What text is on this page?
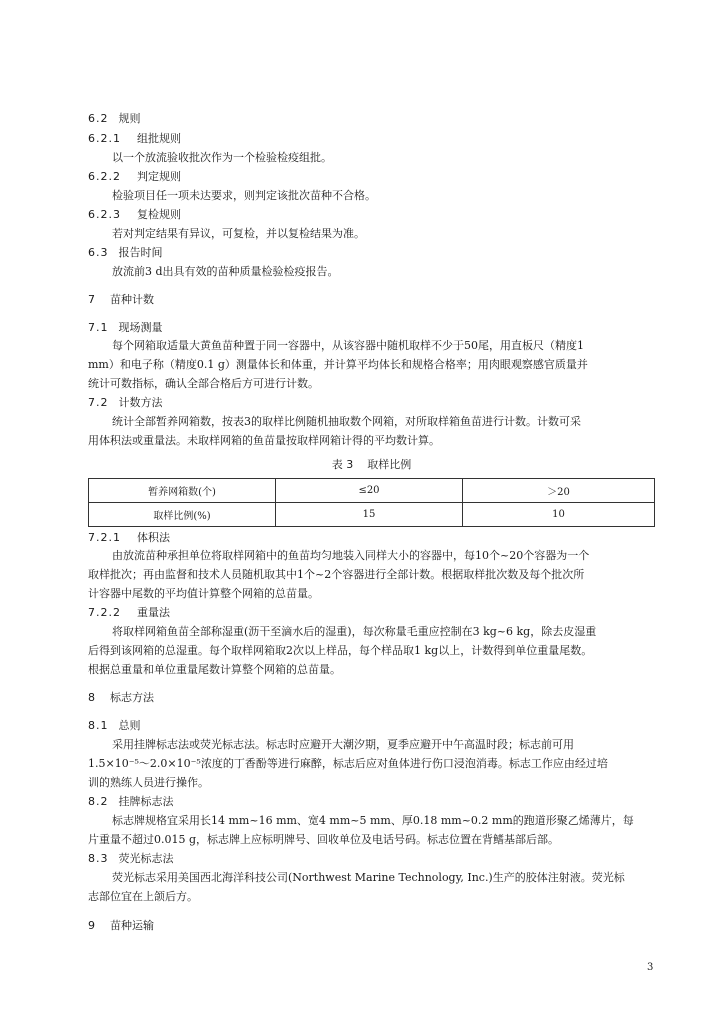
6.2 规则
6.2.1 组批规则
以一个放流验收批次作为一个检验检疫组批。
6.2.2 判定规则
检验项目任一项未达要求，则判定该批次苗种不合格。
6.2.3 复检规则
若对判定结果有异议，可复检，并以复检结果为准。
6.3 报告时间
放流前3 d出具有效的苗种质量检验检疫报告。
7 苗种计数
7.1 现场测量
每个网箱取适量大黄鱼苗种置于同一容器中，从该容器中随机取样不少于50尾，用直板尺（精度1
mm）和电子称（精度0.1 g）测量体长和体重，并计算平均体长和规格合格率；用肉眼观察感官质量并
统计可数指标，确认全部合格后方可进行计数。
7.2 计数方法
统计全部暂养网箱数，按表3的取样比例随机抽取数个网箱，对所取样箱鱼苗进行计数。计数可采
用体积法或重量法。未取样网箱的鱼苗量按取样网箱计得的平均数计算。
表 3 取样比例
暂养网箱数(个)	≤20	＞20
取样比例(%)	15	10
7.2.1 体积法
由放流苗种承担单位将取样网箱中的鱼苗均匀地装入同样大小的容器中，每10个~20个容器为一个
取样批次；再由监督和技术人员随机取其中1个~2个容器进行全部计数。根据取样批次数及每个批次所
计容器中尾数的平均值计算整个网箱的总苗量。
7.2.2 重量法
将取样网箱鱼苗全部称湿重(沥干至滴水后的湿重)，每次称量毛重应控制在3 kg~6 kg，除去皮湿重
后得到该网箱的总湿重。每个取样网箱取2次以上样品，每个样品取1 kg以上，计数得到单位重量尾数。
根据总重量和单位重量尾数计算整个网箱的总苗量。
8 标志方法
8.1 总则
采用挂牌标志法或荧光标志法。标志时应避开大潮汐期，夏季应避开中午高温时段；标志前可用
1.5×10⁻⁵～2.0×10⁻⁵浓度的丁香酚等进行麻醉，标志后应对鱼体进行伤口浸泡消毒。标志工作应由经过培
训的熟练人员进行操作。
8.2 挂牌标志法
标志牌规格宜采用长14 mm~16 mm、宽4 mm~5 mm、厚0.18 mm~0.2 mm的跑道形聚乙烯薄片，每
片重量不超过0.015 g，标志牌上应标明牌号、回收单位及电话号码。标志位置在背鳍基部后部。
8.3 荧光标志法
荧光标志采用美国西北海洋科技公司(Northwest Marine Technology, Inc.)生产的胶体注射液。荧光标
志部位宜在上颌后方。
9 苗种运输
3
